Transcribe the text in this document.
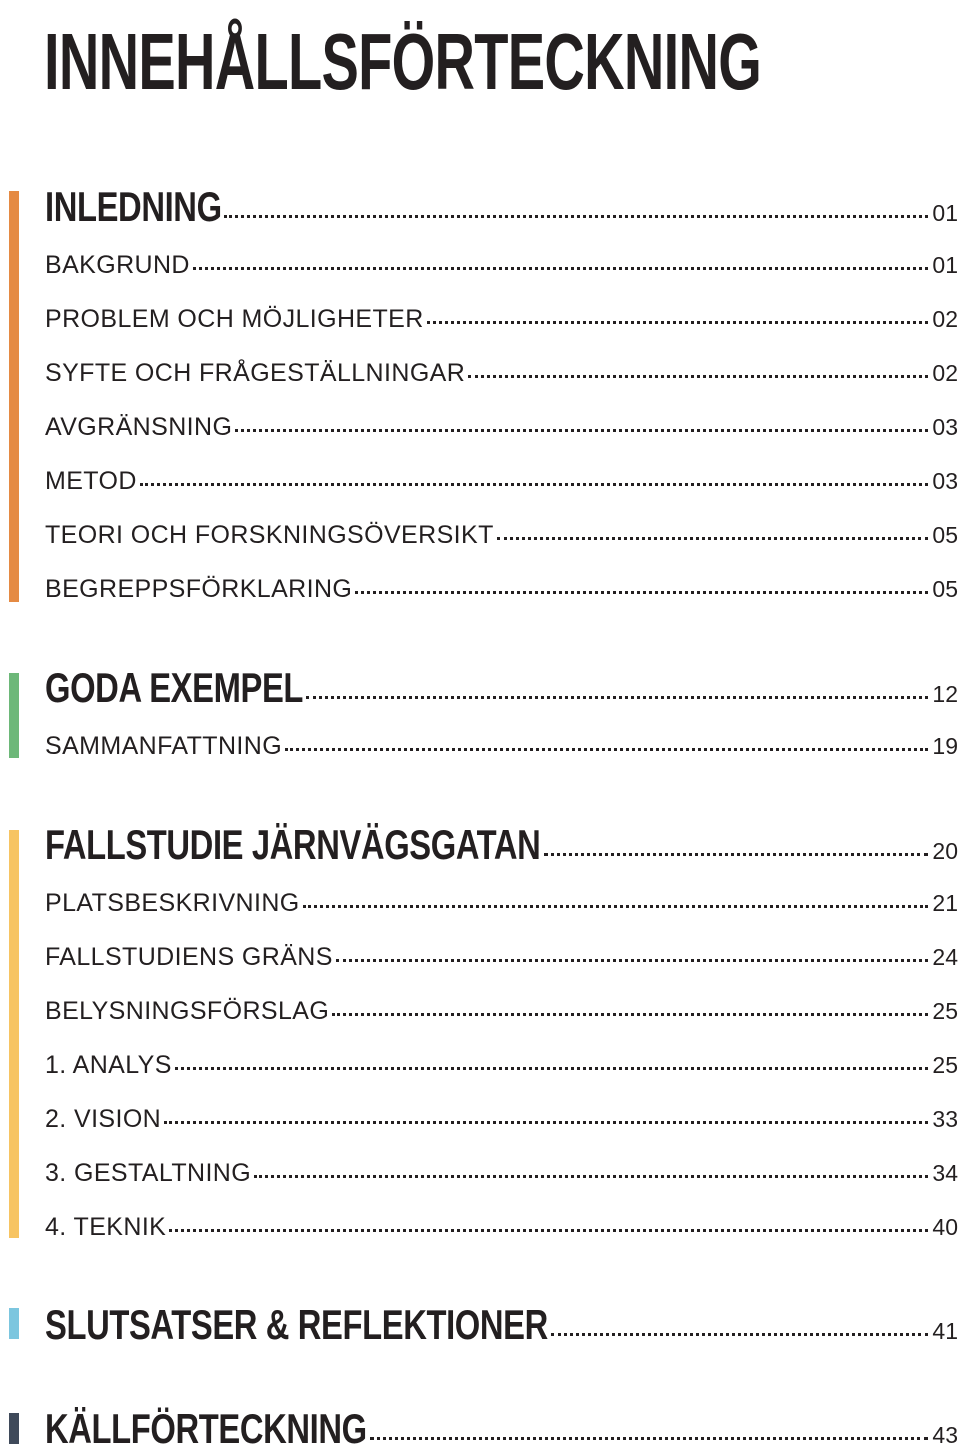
INNEHÅLLSFÖRTECKNING
INLEDNING	01
BAKGRUND	01
PROBLEM OCH MÖJLIGHETER	02
SYFTE OCH FRÅGESTÄLLNINGAR	02
AVGRÄNSNING	03
METOD	03
TEORI OCH FORSKNINGSÖVERSIKT	05
BEGREPPSFÖRKLARING	05
GODA EXEMPEL	12
SAMMANFATTNING	19
FALLSTUDIE JÄRNVÄGSGATAN	20
PLATSBESKRIVNING	21
FALLSTUDIENS GRÄNS	24
BELYSNINGSFÖRSLAG	25
1. ANALYS	25
2. VISION	33
3. GESTALTNING	34
4. TEKNIK	40
SLUTSATSER & REFLEKTIONER	41
KÄLLFÖRTECKNING	43
